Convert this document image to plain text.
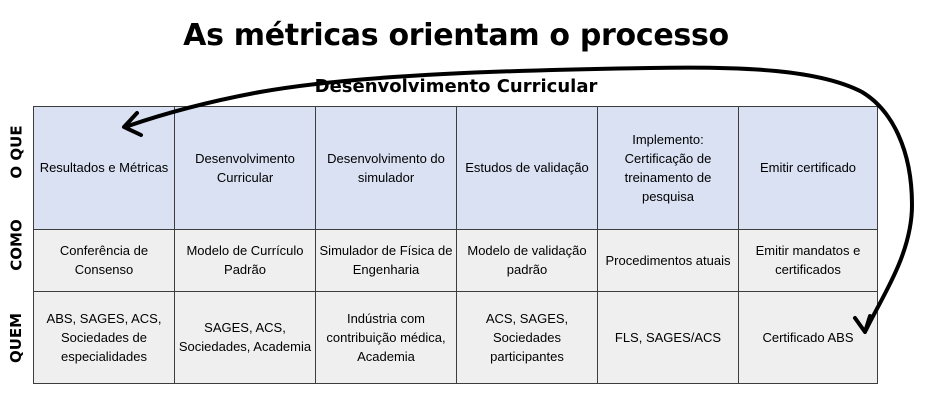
As métricas orientam o processo
Desenvolvimento Curricular
O QUE
COMO
QUEM
Resultados e Métricas	Desenvolvimento Curricular	Desenvolvimento do simulador	Estudos de validação	Implemento: Certificação de treinamento de pesquisa	Emitir certificado
Conferência de Consenso	Modelo de Currículo Padrão	Simulador de Física de Engenharia	Modelo de validação padrão	Procedimentos atuais	Emitir mandatos e certificados
ABS, SAGES, ACS, Sociedades de especialidades	SAGES, ACS, Sociedades, Academia	Indústria com contribuição médica, Academia	ACS, SAGES, Sociedades participantes	FLS, SAGES/ACS	Certificado ABS
